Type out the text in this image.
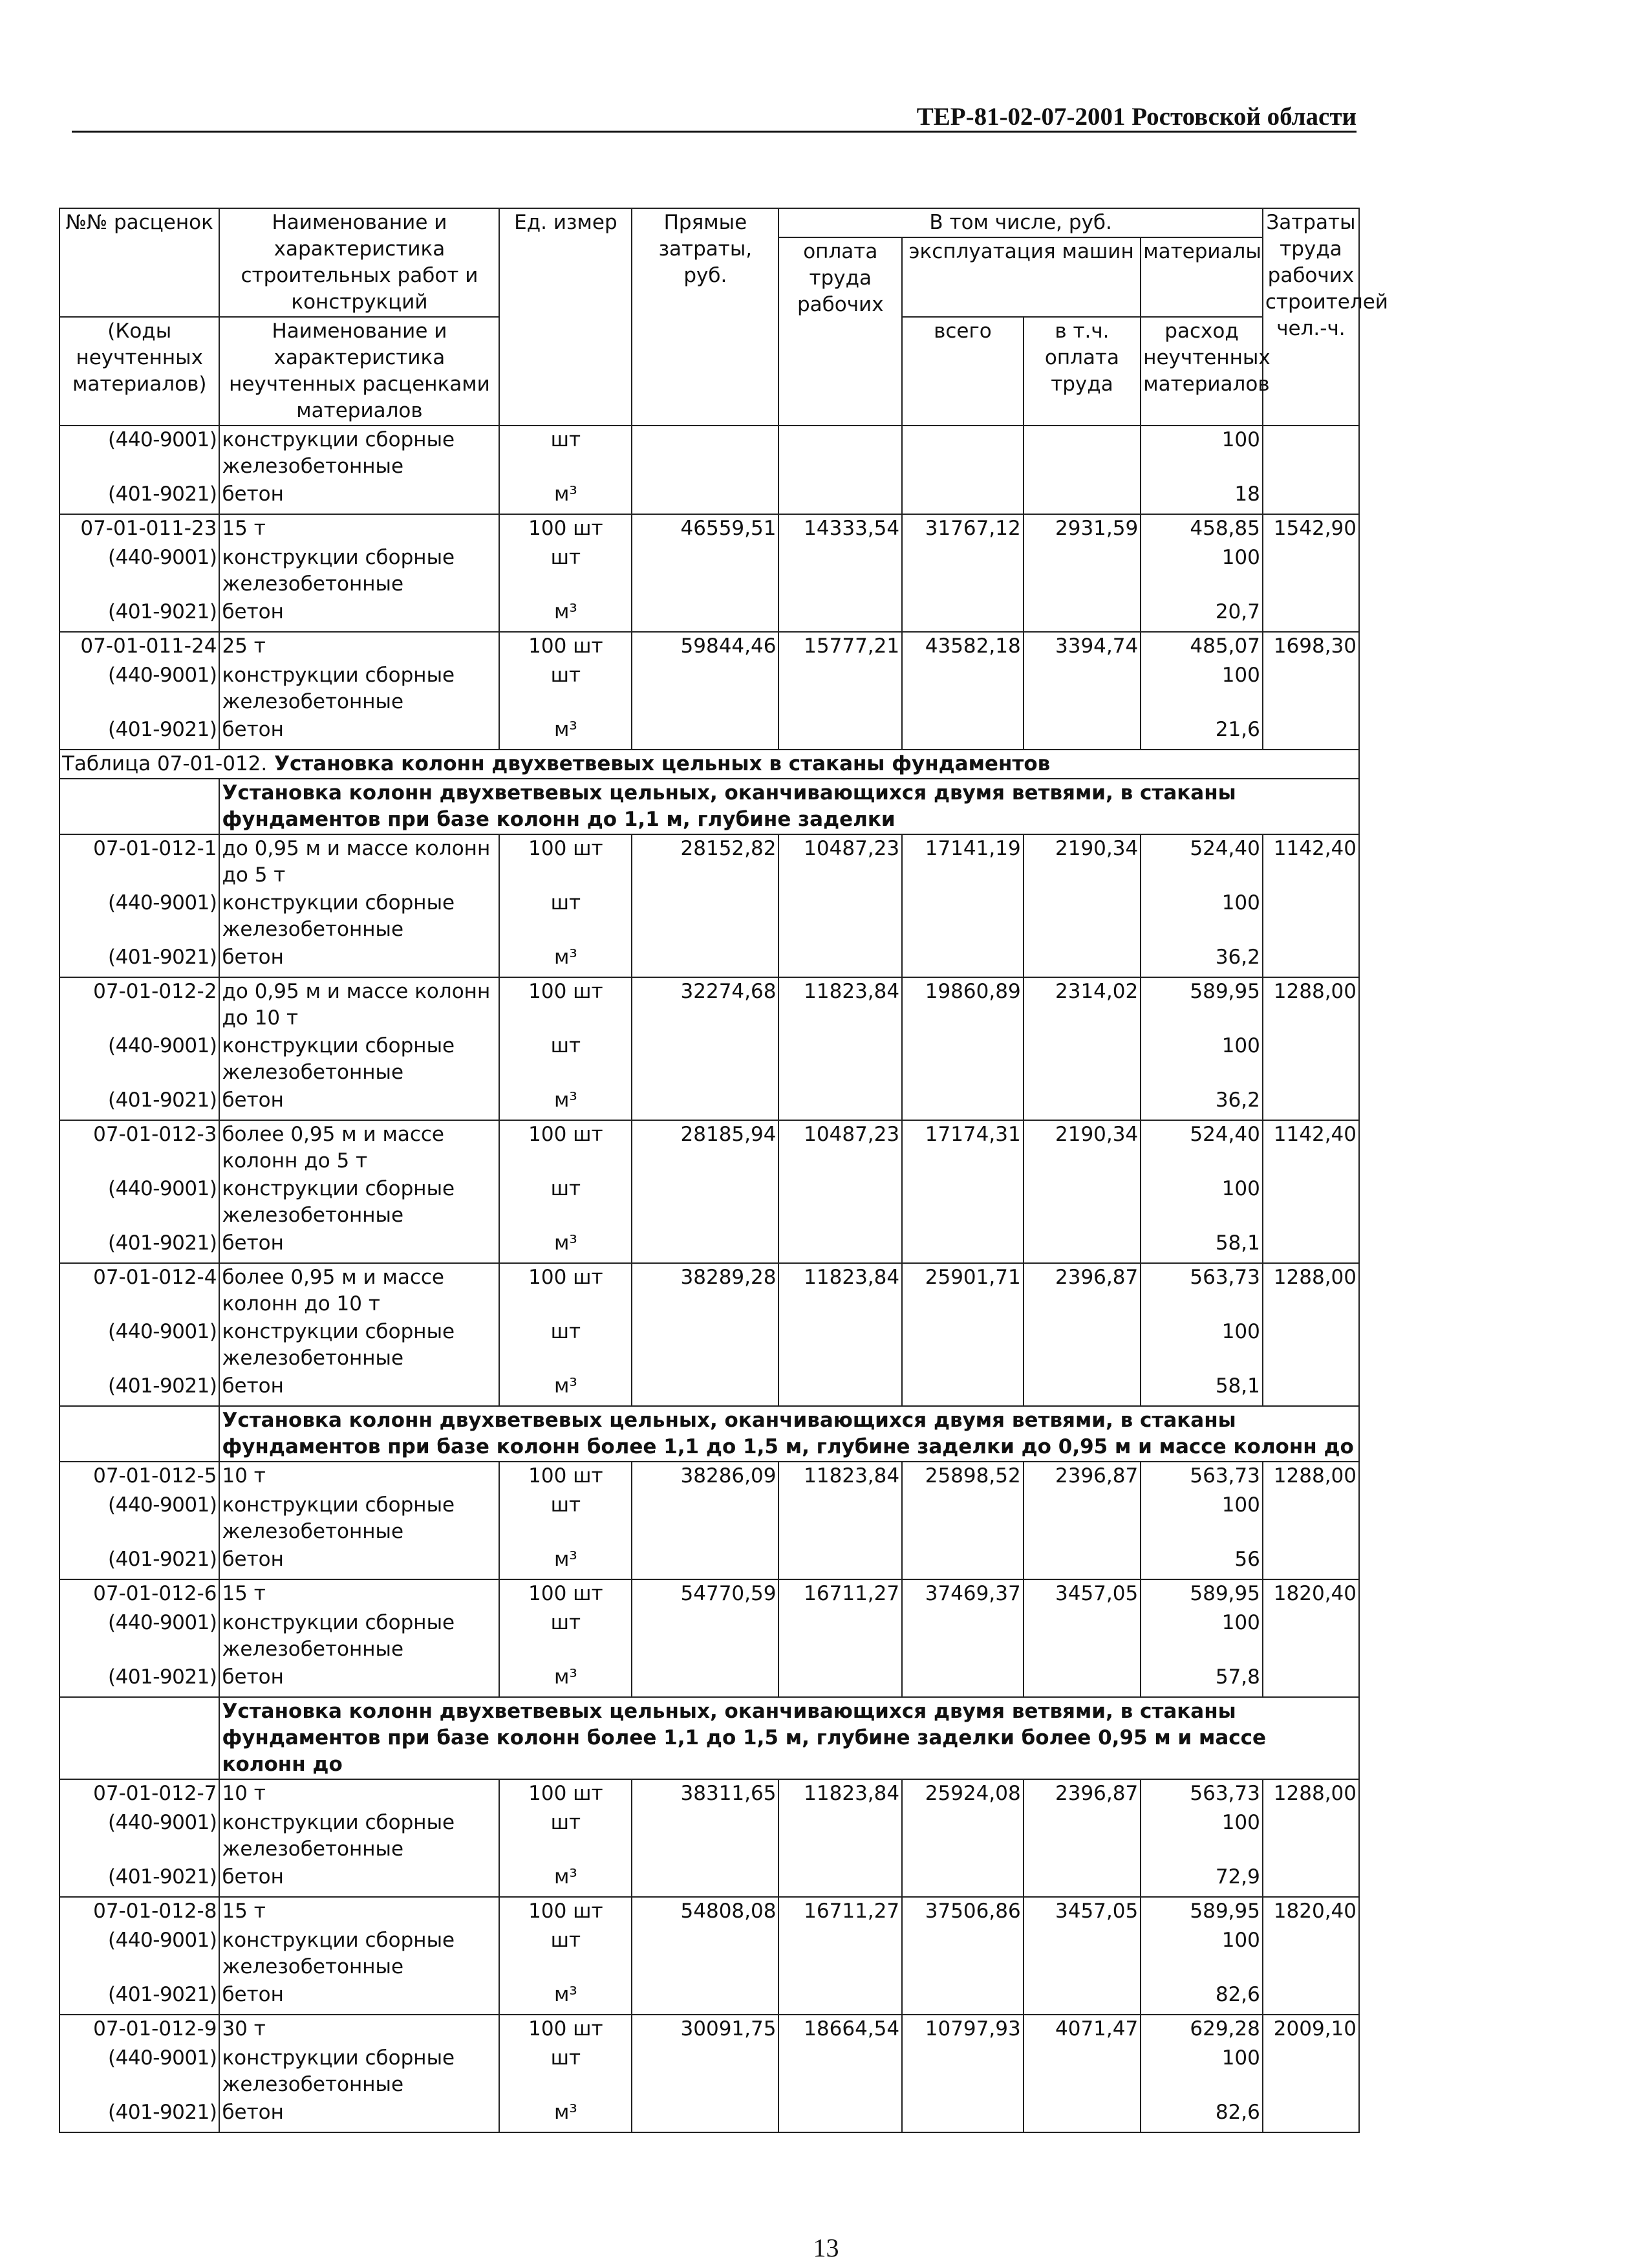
ТЕР-81-02-07-2001 Ростовской области
№№ расценок	Наименование и характеристика строительных работ и конструкций	Ед. измер	Прямые затраты, руб.	В том числе, руб.				Затраты труда рабочих строителей чел.-ч.
				оплата труда рабочих	эксплуатация машин		материалы	
(Коды неучтенных материалов)	Наименование и характеристика неучтенных расценками материалов				всего	в т.ч. оплата труда	расход неучтенных материалов	

(440-9001)	конструкции сборные железобетонные	шт					100	
(401-9021)	бетон	м³					18	
07-01-011-23	15 т	100 шт	46559,51	14333,54	31767,12	2931,59	458,85	1542,90
(440-9001)	конструкции сборные железобетонные	шт					100	
(401-9021)	бетон	м³					20,7	
07-01-011-24	25 т	100 шт	59844,46	15777,21	43582,18	3394,74	485,07	1698,30
(440-9001)	конструкции сборные железобетонные	шт					100	
(401-9021)	бетон	м³					21,6	
Таблица 07-01-012. Установка колонн двухветвевых цельных в стаканы фундаментов								
	Установка колонн двухветвевых цельных, оканчивающихся двумя ветвями, в стаканы фундаментов при базе колонн до 1,1 м, глубине заделки							
07-01-012-1	до 0,95 м и массе колонн до 5 т	100 шт	28152,82	10487,23	17141,19	2190,34	524,40	1142,40
(440-9001)	конструкции сборные железобетонные	шт					100	
(401-9021)	бетон	м³					36,2	
07-01-012-2	до 0,95 м и массе колонн до 10 т	100 шт	32274,68	11823,84	19860,89	2314,02	589,95	1288,00
(440-9001)	конструкции сборные железобетонные	шт					100	
(401-9021)	бетон	м³					36,2	
07-01-012-3	более 0,95 м и массе колонн до 5 т	100 шт	28185,94	10487,23	17174,31	2190,34	524,40	1142,40
(440-9001)	конструкции сборные железобетонные	шт					100	
(401-9021)	бетон	м³					58,1	
07-01-012-4	более 0,95 м и массе колонн до 10 т	100 шт	38289,28	11823,84	25901,71	2396,87	563,73	1288,00
(440-9001)	конструкции сборные железобетонные	шт					100	
(401-9021)	бетон	м³					58,1	
	Установка колонн двухветвевых цельных, оканчивающихся двумя ветвями, в стаканы фундаментов при базе колонн более 1,1 до 1,5 м, глубине заделки до 0,95 м и массе колонн до							
07-01-012-5	10 т	100 шт	38286,09	11823,84	25898,52	2396,87	563,73	1288,00
(440-9001)	конструкции сборные железобетонные	шт					100	
(401-9021)	бетон	м³					56	
07-01-012-6	15 т	100 шт	54770,59	16711,27	37469,37	3457,05	589,95	1820,40
(440-9001)	конструкции сборные железобетонные	шт					100	
(401-9021)	бетон	м³					57,8	
	Установка колонн двухветвевых цельных, оканчивающихся двумя ветвями, в стаканы фундаментов при базе колонн более 1,1 до 1,5 м, глубине заделки более 0,95 м и массе колонн до							
07-01-012-7	10 т	100 шт	38311,65	11823,84	25924,08	2396,87	563,73	1288,00
(440-9001)	конструкции сборные железобетонные	шт					100	
(401-9021)	бетон	м³					72,9	
07-01-012-8	15 т	100 шт	54808,08	16711,27	37506,86	3457,05	589,95	1820,40
(440-9001)	конструкции сборные железобетонные	шт					100	
(401-9021)	бетон	м³					82,6	
07-01-012-9	30 т	100 шт	30091,75	18664,54	10797,93	4071,47	629,28	2009,10
(440-9001)	конструкции сборные железобетонные	шт					100	
(401-9021)	бетон	м³					82,6	
13
